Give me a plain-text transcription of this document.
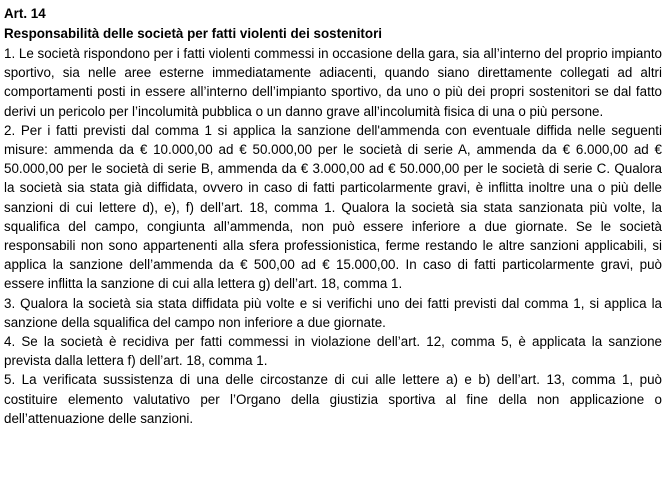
Art. 14
Responsabilità delle società per fatti violenti dei sostenitori

1. Le società rispondono per i fatti violenti commessi in occasione della gara, sia all’interno del proprio impianto sportivo, sia nelle aree esterne immediatamente adiacenti, quando siano direttamente collegati ad altri comportamenti posti in essere all’interno dell’impianto sportivo, da uno o più dei propri sostenitori se dal fatto derivi un pericolo per l’incolumità pubblica o un danno grave all’incolumità fisica di una o più persone.

2. Per i fatti previsti dal comma 1 si applica la sanzione dell'ammenda con eventuale diffida nelle seguenti misure: ammenda da € 10.000,00 ad € 50.000,00 per le società di serie A, ammenda da € 6.000,00 ad € 50.000,00 per le società di serie B, ammenda da € 3.000,00 ad € 50.000,00 per le società di serie C. Qualora la società sia stata già diffidata, ovvero in caso di fatti particolarmente gravi, è inflitta inoltre una o più delle sanzioni di cui lettere d), e), f) dell’art. 18, comma 1. Qualora la società sia stata sanzionata più volte, la squalifica del campo, congiunta all’ammenda, non può essere inferiore a due giornate. Se le società responsabili non sono appartenenti alla sfera professionistica, ferme restando le altre sanzioni applicabili, si applica la sanzione dell’ammenda da € 500,00 ad € 15.000,00. In caso di fatti particolarmente gravi, può essere inflitta la sanzione di cui alla lettera g) dell’art. 18, comma 1.

3. Qualora la società sia stata diffidata più volte e si verifichi uno dei fatti previsti dal comma 1, si applica la sanzione della squalifica del campo non inferiore a due giornate.

4. Se la società è recidiva per fatti commessi in violazione dell’art. 12, comma 5, è applicata la sanzione prevista dalla lettera f) dell’art. 18, comma 1.

5. La verificata sussistenza di una delle circostanze di cui alle lettere a) e b) dell’art. 13, comma 1, può costituire elemento valutativo per l’Organo della giustizia sportiva al fine della non applicazione o dell’attenuazione delle sanzioni.
